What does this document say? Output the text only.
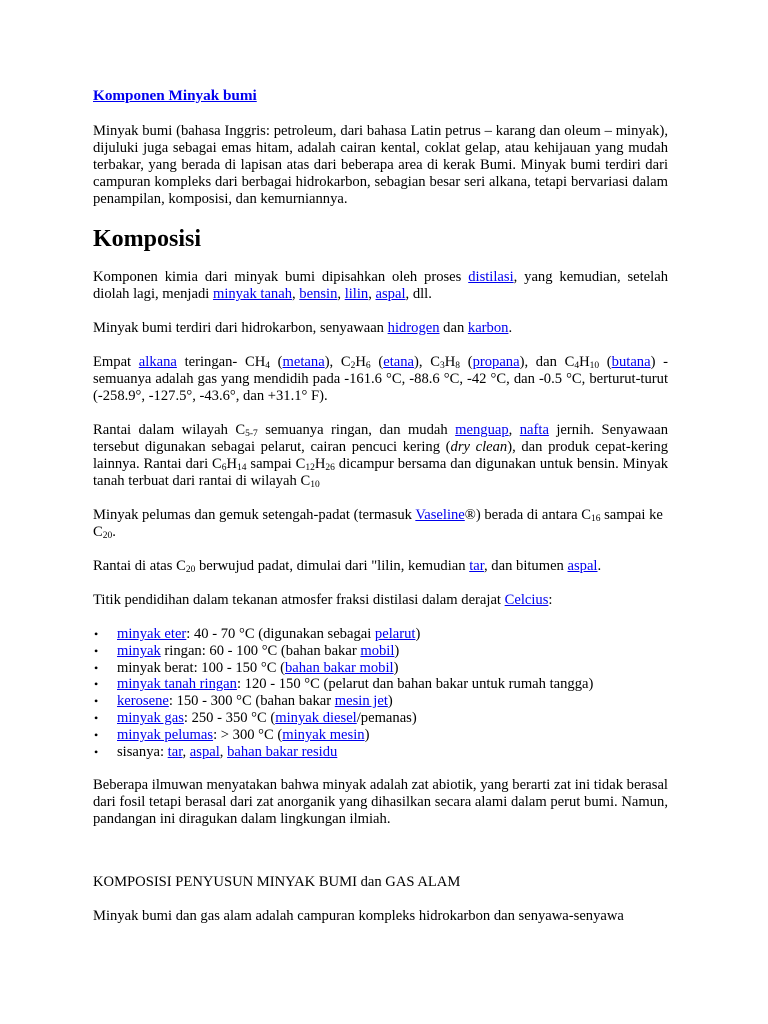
Komponen Minyak bumi

Minyak bumi (bahasa Inggris: petroleum, dari bahasa Latin petrus – karang dan oleum – minyak), dijuluki juga sebagai emas hitam, adalah cairan kental, coklat gelap, atau kehijauan yang mudah terbakar, yang berada di lapisan atas dari beberapa area di kerak Bumi. Minyak bumi terdiri dari campuran kompleks dari berbagai hidrokarbon, sebagian besar seri alkana, tetapi bervariasi dalam penampilan, komposisi, dan kemurniannya.

Komposisi

Komponen kimia dari minyak bumi dipisahkan oleh proses distilasi, yang kemudian, setelah diolah lagi, menjadi minyak tanah, bensin, lilin, aspal, dll.

Minyak bumi terdiri dari hidrokarbon, senyawaan hidrogen dan karbon.

Empat alkana teringan- $CH_4$ (metana), $C_2H_6$ (etana), $C_3H_8$ (propana), dan $C_4H_{10}$ (butana) - semuanya adalah gas yang mendidih pada -161.6 °C, -88.6 °C, -42 °C, dan -0.5 °C, berturut-turut (-258.9°, -127.5°, -43.6°, dan +31.1° F).

Rantai dalam wilayah $C_{5-7}$ semuanya ringan, dan mudah menguap, nafta jernih. Senyawaan tersebut digunakan sebagai pelarut, cairan pencuci kering (dry clean), dan produk cepat-kering lainnya. Rantai dari $C_6H_{14}$ sampai $C_{12}H_{26}$ dicampur bersama dan digunakan untuk bensin. Minyak tanah terbuat dari rantai di wilayah $C_{10}$

Minyak pelumas dan gemuk setengah-padat (termasuk Vaseline®) berada di antara $C_{16}$ sampai ke $C_{20}$.

Rantai di atas $C_{20}$ berwujud padat, dimulai dari "lilin, kemudian tar, dan bitumen aspal.

Titik pendidihan dalam tekanan atmosfer fraksi distilasi dalam derajat Celcius:

• minyak eter: 40 - 70 °C (digunakan sebagai pelarut)
• minyak ringan: 60 - 100 °C (bahan bakar mobil)
• minyak berat: 100 - 150 °C (bahan bakar mobil)
• minyak tanah ringan: 120 - 150 °C (pelarut dan bahan bakar untuk rumah tangga)
• kerosene: 150 - 300 °C (bahan bakar mesin jet)
• minyak gas: 250 - 350 °C (minyak diesel/pemanas)
• minyak pelumas: > 300 °C (minyak mesin)
• sisanya: tar, aspal, bahan bakar residu

Beberapa ilmuwan menyatakan bahwa minyak adalah zat abiotik, yang berarti zat ini tidak berasal dari fosil tetapi berasal dari zat anorganik yang dihasilkan secara alami dalam perut bumi. Namun, pandangan ini diragukan dalam lingkungan ilmiah.

KOMPOSISI PENYUSUN MINYAK BUMI dan GAS ALAM

Minyak bumi dan gas alam adalah campuran kompleks hidrokarbon dan senyawa-senyawa
